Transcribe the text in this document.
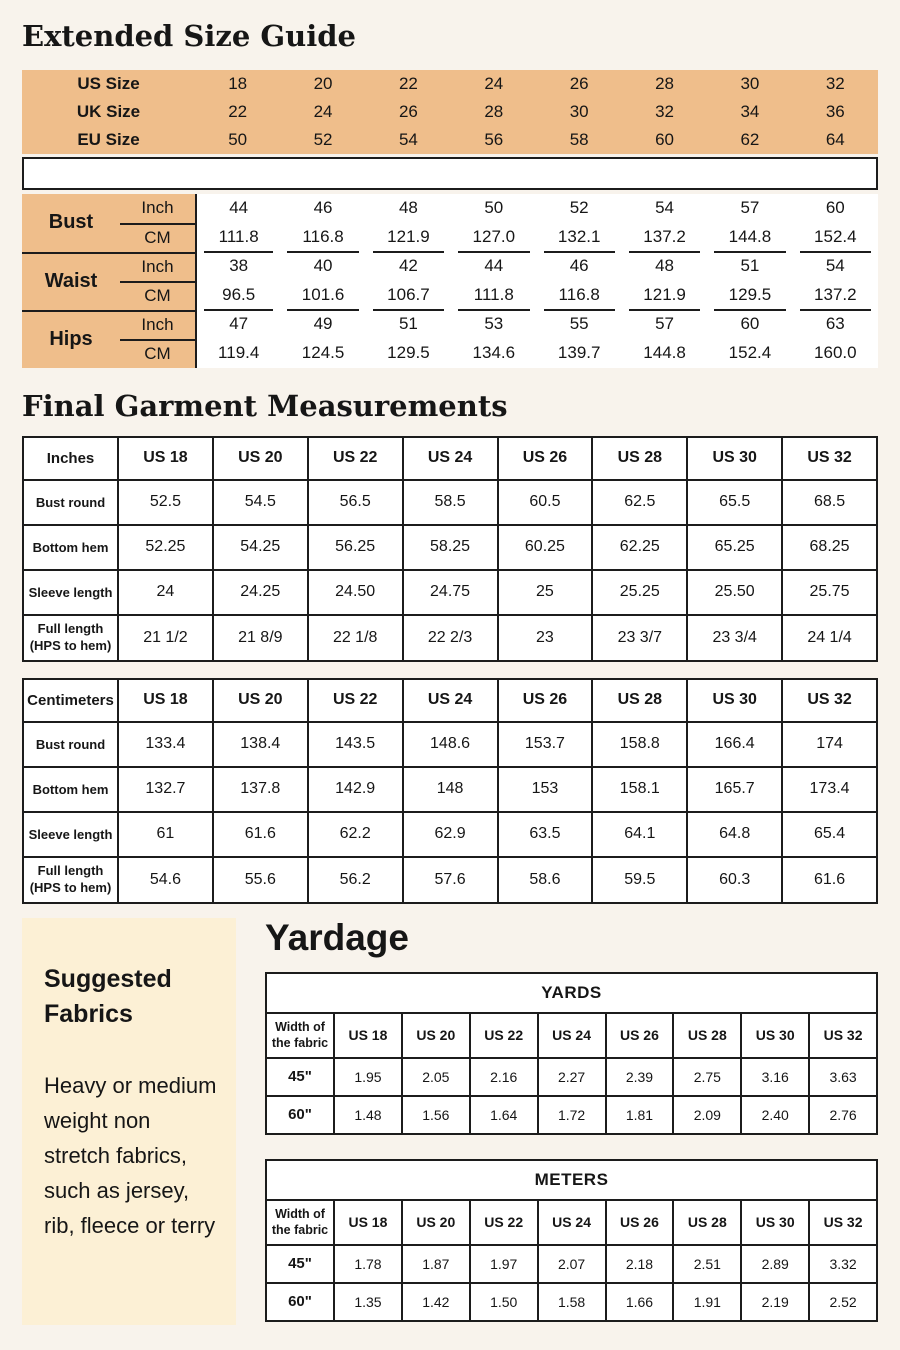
Extended Size Guide
US Size	18	20	22	24	26	28	30	32
UK Size	22	24	26	28	30	32	34	36
EU Size	50	52	54	56	58	60	62	64
Bust
Inch	44	46	48	50	52	54	57	60
CM	111.8	116.8	121.9	127.0	132.1	137.2	144.8	152.4
Waist
Inch	38	40	42	44	46	48	51	54
CM	96.5	101.6	106.7	111.8	116.8	121.9	129.5	137.2
Hips
Inch	47	49	51	53	55	57	60	63
CM	119.4	124.5	129.5	134.6	139.7	144.8	152.4	160.0
Final Garment Measurements
Inches	US 18	US 20	US 22	US 24	US 26	US 28	US 30	US 32
Bust round	52.5	54.5	56.5	58.5	60.5	62.5	65.5	68.5
Bottom hem	52.25	54.25	56.25	58.25	60.25	62.25	65.25	68.25
Sleeve length	24	24.25	24.50	24.75	25	25.25	25.50	25.75
Full length (HPS to hem)	21 1/2	21 8/9	22 1/8	22 2/3	23	23 3/7	23 3/4	24 1/4
Centimeters	US 18	US 20	US 22	US 24	US 26	US 28	US 30	US 32
Bust round	133.4	138.4	143.5	148.6	153.7	158.8	166.4	174
Bottom hem	132.7	137.8	142.9	148	153	158.1	165.7	173.4
Sleeve length	61	61.6	62.2	62.9	63.5	64.1	64.8	65.4
Full length (HPS to hem)	54.6	55.6	56.2	57.6	58.6	59.5	60.3	61.6
Suggested Fabrics
Heavy or medium weight non stretch fabrics, such as jersey, rib, fleece or terry
Yardage
YARDS								
Width of the fabric	US 18	US 20	US 22	US 24	US 26	US 28	US 30	US 32
45"	1.95	2.05	2.16	2.27	2.39	2.75	3.16	3.63
60"	1.48	1.56	1.64	1.72	1.81	2.09	2.40	2.76
METERS								
Width of the fabric	US 18	US 20	US 22	US 24	US 26	US 28	US 30	US 32
45"	1.78	1.87	1.97	2.07	2.18	2.51	2.89	3.32
60"	1.35	1.42	1.50	1.58	1.66	1.91	2.19	2.52
